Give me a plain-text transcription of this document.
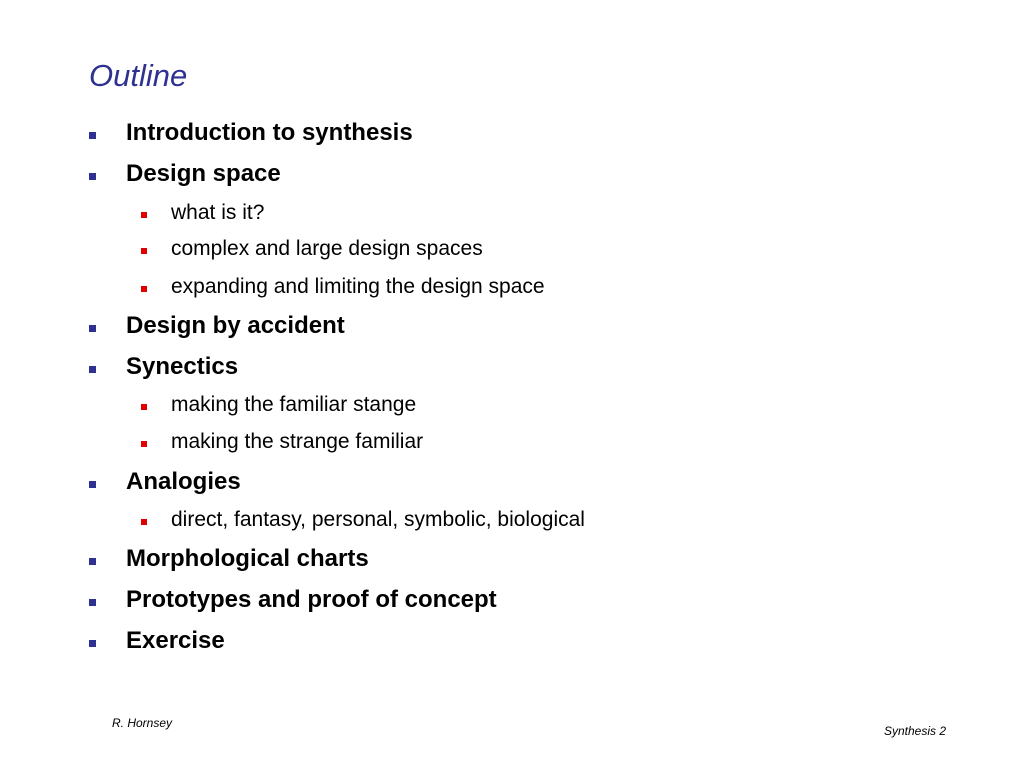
Outline
Introduction to synthesis
Design space
what is it?
complex and large design spaces
expanding and limiting the design space
Design by accident
Synectics
making the familiar stange
making the strange familiar
Analogies
direct, fantasy, personal, symbolic, biological
Morphological charts
Prototypes and proof of concept
Exercise
R. Hornsey
Synthesis 2
